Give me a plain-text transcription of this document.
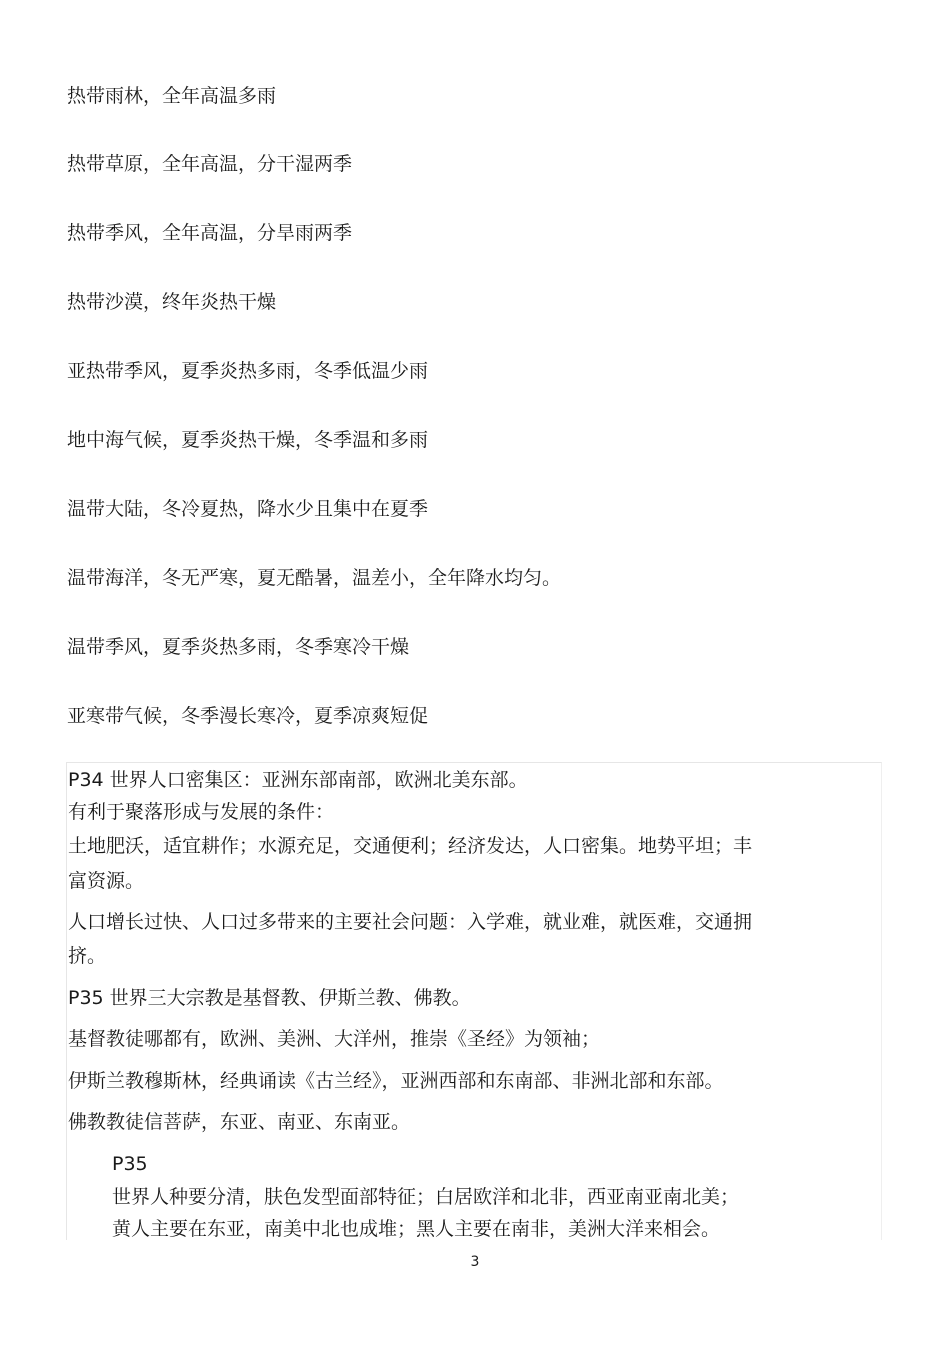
热带雨林，全年高温多雨
热带草原，全年高温，分干湿两季
热带季风，全年高温，分旱雨两季
热带沙漠，终年炎热干燥
亚热带季风，夏季炎热多雨，冬季低温少雨
地中海气候，夏季炎热干燥，冬季温和多雨
温带大陆，冬冷夏热，降水少且集中在夏季
温带海洋，冬无严寒，夏无酷暑，温差小，全年降水均匀。
温带季风，夏季炎热多雨，冬季寒冷干燥
亚寒带气候，冬季漫长寒冷，夏季凉爽短促
P34 世界人口密集区：亚洲东部南部，欧洲北美东部。
有利于聚落形成与发展的条件：
土地肥沃，适宜耕作；水源充足，交通便利；经济发达，人口密集。地势平坦；丰
富资源。
人口增长过快、人口过多带来的主要社会问题：入学难，就业难，就医难，交通拥
挤。
P35 世界三大宗教是基督教、伊斯兰教、佛教。
基督教徒哪都有，欧洲、美洲、大洋州，推崇《圣经》为领袖；
伊斯兰教穆斯林，经典诵读《古兰经》，亚洲西部和东南部、非洲北部和东部。
佛教教徒信菩萨，东亚、南亚、东南亚。
P35
世界人种要分清，肤色发型面部特征；白居欧洋和北非，西亚南亚南北美；
黄人主要在东亚，南美中北也成堆；黑人主要在南非，美洲大洋来相会。
3
